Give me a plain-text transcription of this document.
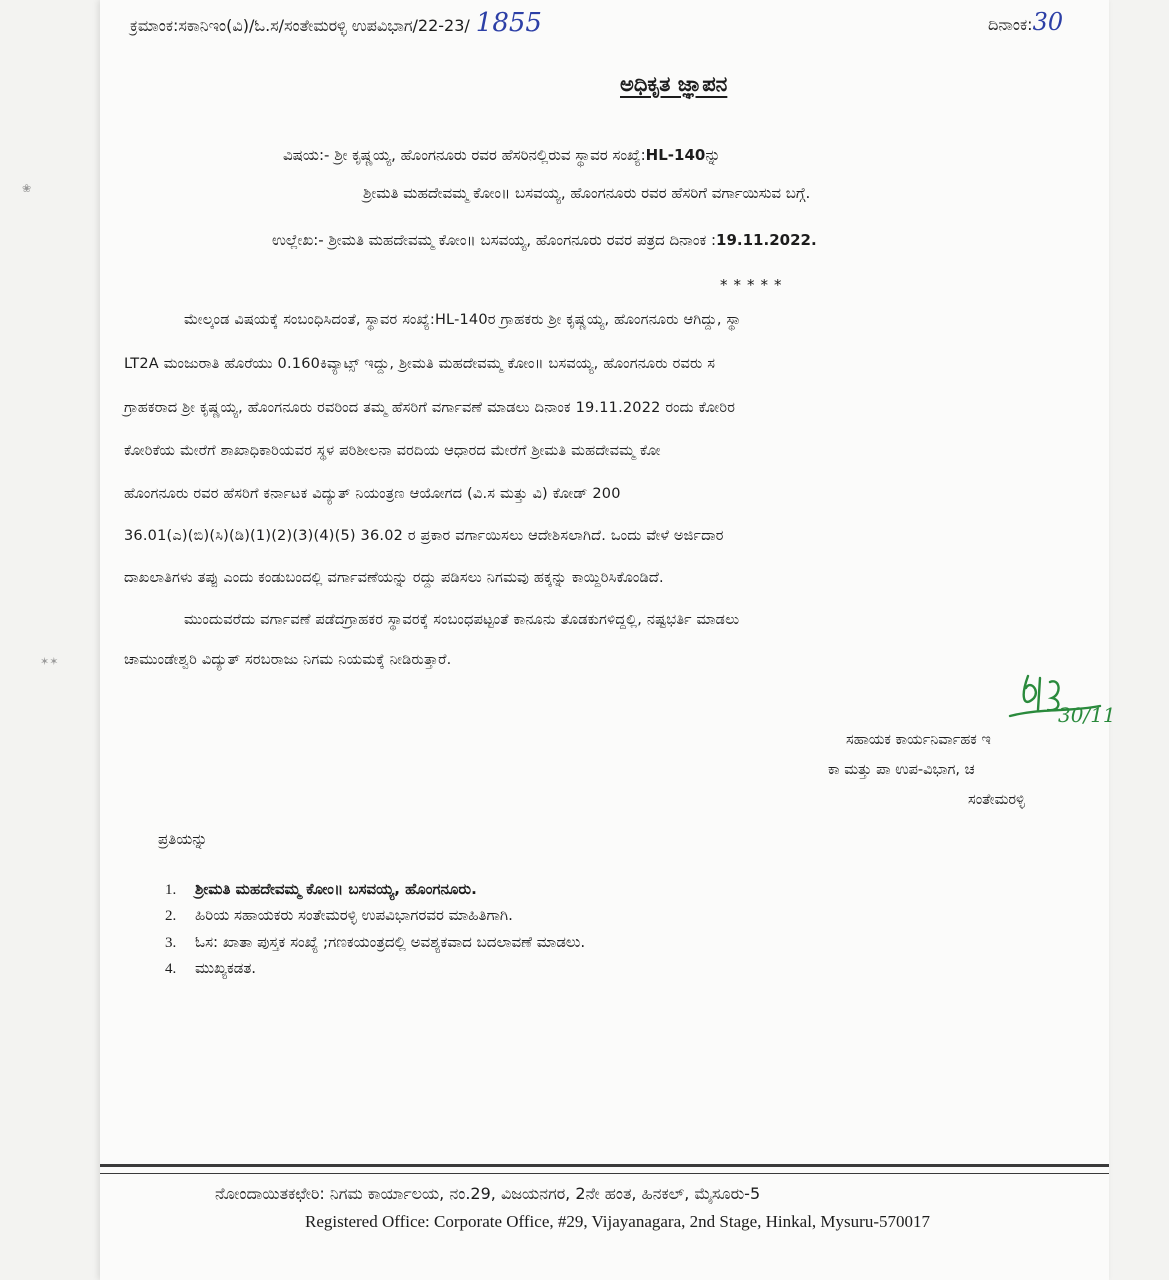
❀
✶✶
ಕ್ರಮಾಂಕ:ಸಕಾನಿಇಂ(ವಿ)/ಓ.ಸ/ಸಂತೇಮರಳ್ಳಿ ಉಪವಿಭಾಗ/22-23/ 1855	ದಿನಾಂಕ:30
ಅಧಿಕೃತ ಜ್ಞಾಪನ
ವಿಷಯ:- ಶ್ರೀ ಕೃಷ್ಣಯ್ಯ, ಹೊಂಗನೂರು ರವರ ಹೆಸರಿನಲ್ಲಿರುವ ಸ್ಥಾವರ ಸಂಖ್ಯೆ:HL-140ನ್ನು
ಶ್ರೀಮತಿ ಮಹದೇವಮ್ಮ ಕೋಂ॥ ಬಸವಯ್ಯ, ಹೊಂಗನೂರು ರವರ ಹೆಸರಿಗೆ ವರ್ಗಾಯಿಸುವ ಬಗ್ಗೆ.
ಉಲ್ಲೇಖ:- ಶ್ರೀಮತಿ ಮಹದೇವಮ್ಮ ಕೋಂ॥ ಬಸವಯ್ಯ, ಹೊಂಗನೂರು ರವರ ಪತ್ರದ ದಿನಾಂಕ :19.11.2022.
*****
ಮೇಲ್ಕಂಡ ವಿಷಯಕ್ಕೆ ಸಂಬಂಧಿಸಿದಂತೆ, ಸ್ಥಾವರ ಸಂಖ್ಯೆ:HL-140ರ ಗ್ರಾಹಕರು ಶ್ರೀ ಕೃಷ್ಣಯ್ಯ, ಹೊಂಗನೂರು ಆಗಿದ್ದು, ಸ್ಥಾ
LT2A ಮಂಜುರಾತಿ ಹೊರೆಯು 0.160ಕಿವ್ಯಾಟ್ಸ್ ಇದ್ದು, ಶ್ರೀಮತಿ ಮಹದೇವಮ್ಮ ಕೋಂ॥ ಬಸವಯ್ಯ, ಹೊಂಗನೂರು ರವರು ಸ
ಗ್ರಾಹಕರಾದ ಶ್ರೀ ಕೃಷ್ಣಯ್ಯ, ಹೊಂಗನೂರು ರವರಿಂದ ತಮ್ಮ ಹೆಸರಿಗೆ ವರ್ಗಾವಣೆ ಮಾಡಲು ದಿನಾಂಕ 19.11.2022 ರಂದು ಕೋರಿರ
ಕೋರಿಕೆಯ ಮೇರೆಗೆ ಶಾಖಾಧಿಕಾರಿಯವರ ಸ್ಥಳ ಪರಿಶೀಲನಾ ವರದಿಯ ಆಧಾರದ ಮೇರೆಗೆ ಶ್ರೀಮತಿ ಮಹದೇವಮ್ಮ ಕೋ
ಹೊಂಗನೂರು ರವರ ಹೆಸರಿಗೆ ಕರ್ನಾಟಕ ವಿದ್ಯುತ್ ನಿಯಂತ್ರಣ ಆಯೋಗದ (ವಿ.ಸ ಮತ್ತು ವಿ) ಕೋಡ್ 200
36.01(ಎ)(ಬಿ)(ಸಿ)(ಡಿ)(1)(2)(3)(4)(5) 36.02 ರ ಪ್ರಕಾರ ವರ್ಗಾಯಿಸಲು ಆದೇಶಿಸಲಾಗಿದೆ. ಒಂದು ವೇಳೆ ಅರ್ಜಿದಾರ
ದಾಖಲಾತಿಗಳು ತಪ್ಪು ಎಂದು ಕಂಡುಬಂದಲ್ಲಿ ವರ್ಗಾವಣೆಯನ್ನು ರದ್ದು ಪಡಿಸಲು ನಿಗಮವು ಹಕ್ಕನ್ನು ಕಾಯ್ದಿರಿಸಿಕೊಂಡಿದೆ.
ಮುಂದುವರೆದು ವರ್ಗಾವಣೆ ಪಡೆದಗ್ರಾಹಕರ ಸ್ಥಾವರಕ್ಕೆ ಸಂಬಂಧಪಟ್ಟಂತೆ ಕಾನೂನು ತೊಡಕುಗಳಿದ್ದಲ್ಲಿ, ನಷ್ಟಭರ್ತಿ ಮಾಡಲು
ಚಾಮುಂಡೇಶ್ವರಿ ವಿದ್ಯುತ್ ಸರಬರಾಜು ನಿಗಮ ನಿಯಮಕ್ಕೆ ನೀಡಿರುತ್ತಾರೆ.
30/11
ಸಹಾಯಕ ಕಾರ್ಯನಿರ್ವಾಹಕ ಇ
ಕಾ ಮತ್ತು ಪಾ ಉಪ-ವಿಭಾಗ, ಚ
ಸಂತೇಮರಳ್ಳಿ
ಪ್ರತಿಯನ್ನು
1. ಶ್ರೀಮತಿ ಮಹದೇವಮ್ಮ ಕೋಂ॥ ಬಸವಯ್ಯ, ಹೊಂಗನೂರು.
2. ಹಿರಿಯ ಸಹಾಯಕರು ಸಂತೇಮರಳ್ಳಿ ಉಪವಿಭಾಗರವರ ಮಾಹಿತಿಗಾಗಿ.
3. ಓಸ: ಖಾತಾ ಪುಸ್ತಕ ಸಂಖ್ಯೆ ;ಗಣಕಯಂತ್ರದಲ್ಲಿ ಅವಶ್ಯಕವಾದ ಬದಲಾವಣೆ ಮಾಡಲು.
4. ಮುಖ್ಯಕಡತ.
ನೋಂದಾಯಿತಕಛೇರಿ: ನಿಗಮ ಕಾರ್ಯಾಲಯ, ನಂ.29, ವಿಜಯನಗರ, 2ನೇ ಹಂತ, ಹಿನಕಲ್, ಮೈಸೂರು-5
Registered Office: Corporate Office, #29, Vijayanagara, 2nd Stage, Hinkal, Mysuru-570017
